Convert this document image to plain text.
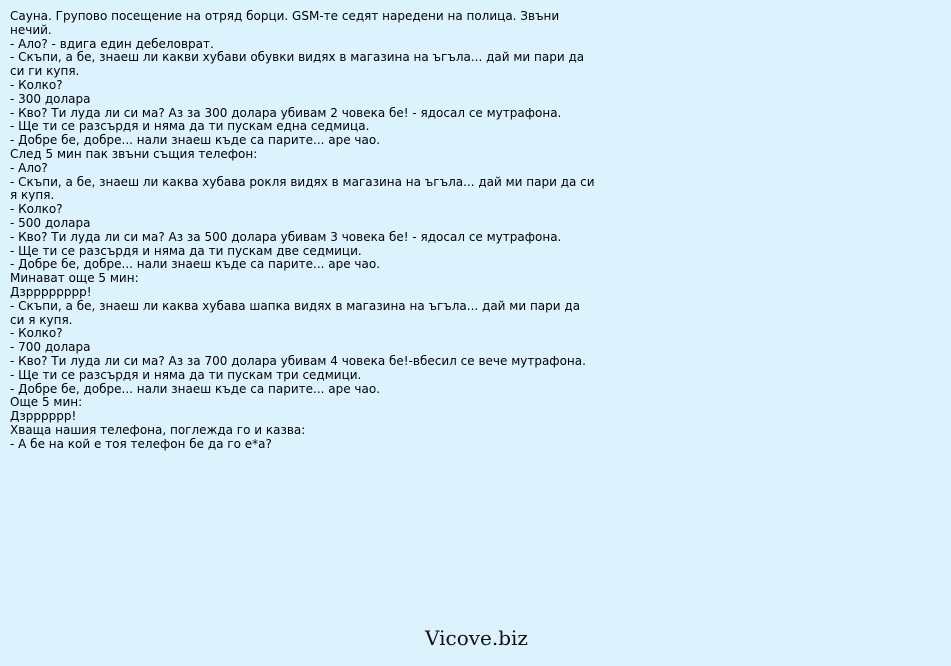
Сауна. Групово посещение на отряд борци. GSM-те седят наредени на полица. Звъни нечий.
- Ало? - вдига един дебеловрат.
- Скъпи, а бе, знаеш ли какви хубави обувки видях в магазина на ъгъла... дай ми пари да си ги купя.
- Колко?
- 300 долара
- Кво? Ти луда ли си ма? Аз за 300 долара убивам 2 човека бе! - ядосал се мутрафона.
- Ще ти се разсърдя и няма да ти пускам една седмица.
- Добре бе, добре... нали знаеш къде са парите... аре чао.
След 5 мин пак звъни същия телефон:
- Ало?
- Скъпи, а бе, знаеш ли каква хубава рокля видях в магазина на ъгъла... дай ми пари да си я купя.
- Колко?
- 500 долара
- Кво? Ти луда ли си ма? Аз за 500 долара убивам 3 човека бе! - ядосал се мутрафона.
- Ще ти се разсърдя и няма да ти пускам две седмици.
- Добре бе, добре... нали знаеш къде са парите... аре чао.
Минават още 5 мин:
Дзрррррррр!
- Скъпи, а бе, знаеш ли каква хубава шапка видях в магазина на ъгъла... дай ми пари да си я купя.
- Колко?
- 700 долара
- Кво? Ти луда ли си ма? Аз за 700 долара убивам 4 човека бе!-вбесил се вече мутрафона.
- Ще ти се разсърдя и няма да ти пускам три седмици.
- Добре бе, добре... нали знаеш къде са парите... аре чао.
Още 5 мин:
Дзрррррр!
Хваща нашия телефона, поглежда го и казва:
- А бе на кой е тоя телефон бе да го е*а?
Vicove.biz
